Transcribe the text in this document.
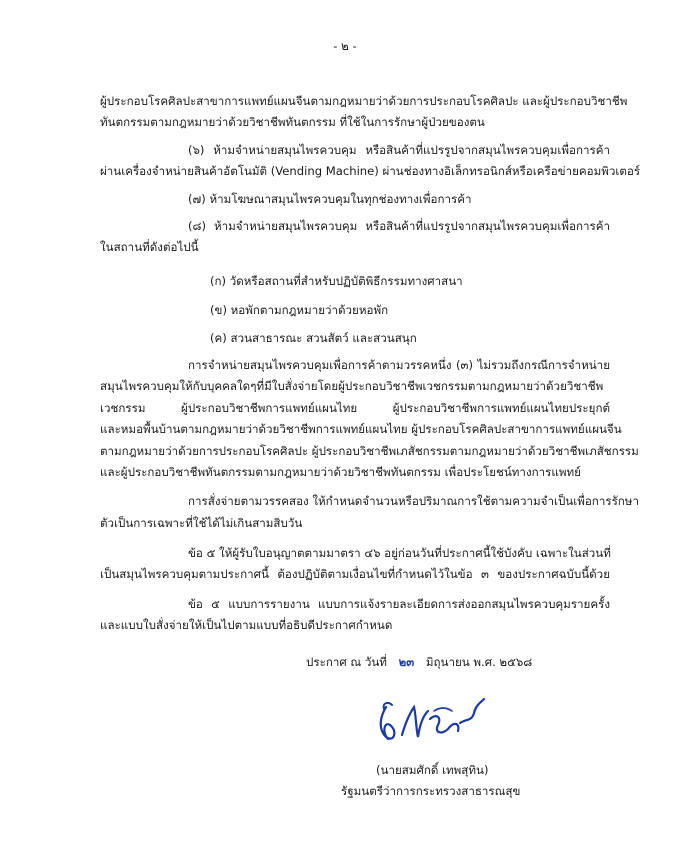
- ๒ -
ผู้ประกอบโรคศิลปะสาขาการแพทย์แผนจีนตามกฎหมายว่าด้วยการประกอบโรคศิลปะ และผู้ประกอบวิชาชีพ
ทันตกรรมตามกฎหมายว่าด้วยวิชาชีพทันตกรรม ที่ใช้ในการรักษาผู้ป่วยของตน
(๖) ห้ามจำหน่ายสมุนไพรควบคุม หรือสินค้าที่แปรรูปจากสมุนไพรควบคุมเพื่อการค้า
ผ่านเครื่องจำหน่ายสินค้าอัตโนมัติ (Vending Machine) ผ่านช่องทางอิเล็กทรอนิกส์หรือเครือข่ายคอมพิวเตอร์
(๗) ห้ามโฆษณาสมุนไพรควบคุมในทุกช่องทางเพื่อการค้า
(๘) ห้ามจำหน่ายสมุนไพรควบคุม หรือสินค้าที่แปรรูปจากสมุนไพรควบคุมเพื่อการค้า
ในสถานที่ดังต่อไปนี้
(ก) วัดหรือสถานที่สำหรับปฏิบัติพิธีกรรมทางศาสนา
(ข) หอพักตามกฎหมายว่าด้วยหอพัก
(ค) สวนสาธารณะ สวนสัตว์ และสวนสนุก
การจำหน่ายสมุนไพรควบคุมเพื่อการค้าตามวรรคหนึ่ง (๓) ไม่รวมถึงกรณีการจำหน่าย
สมุนไพรควบคุมให้กับบุคคลใดๆที่มีใบสั่งจ่ายโดยผู้ประกอบวิชาชีพเวชกรรมตามกฎหมายว่าด้วยวิชาชีพ
เวชกรรม ผู้ประกอบวิชาชีพการแพทย์แผนไทย ผู้ประกอบวิชาชีพการแพทย์แผนไทยประยุกต์
และหมอพื้นบ้านตามกฎหมายว่าด้วยวิชาชีพการแพทย์แผนไทย ผู้ประกอบโรคศิลปะสาขาการแพทย์แผนจีน
ตามกฎหมายว่าด้วยการประกอบโรคศิลปะ ผู้ประกอบวิชาชีพเภสัชกรรมตามกฎหมายว่าด้วยวิชาชีพเภสัชกรรม
และผู้ประกอบวิชาชีพทันตกรรมตามกฎหมายว่าด้วยวิชาชีพทันตกรรม เพื่อประโยชน์ทางการแพทย์
การสั่งจ่ายตามวรรคสอง ให้กำหนดจำนวนหรือปริมาณการใช้ตามความจำเป็นเพื่อการรักษา
ตัวเป็นการเฉพาะที่ใช้ได้ไม่เกินสามสิบวัน
ข้อ ๕ ให้ผู้รับใบอนุญาตตามมาตรา ๔๖ อยู่ก่อนวันที่ประกาศนี้ใช้บังคับ เฉพาะในส่วนที่
เป็นสมุนไพรควบคุมตามประกาศนี้ ต้องปฏิบัติตามเงื่อนไขที่กำหนดไว้ในข้อ ๓ ของประกาศฉบับนี้ด้วย
ข้อ ๕ แบบการรายงาน แบบการแจ้งรายละเอียดการส่งออกสมุนไพรควบคุมรายครั้ง
และแบบใบสั่งจ่ายให้เป็นไปตามแบบที่อธิบดีประกาศกำหนด
ประกาศ ณ วันที่ ๒๓ มิถุนายน พ.ศ. ๒๕๖๘
(นายสมศักดิ์ เทพสุทิน)
รัฐมนตรีว่าการกระทรวงสาธารณสุข
